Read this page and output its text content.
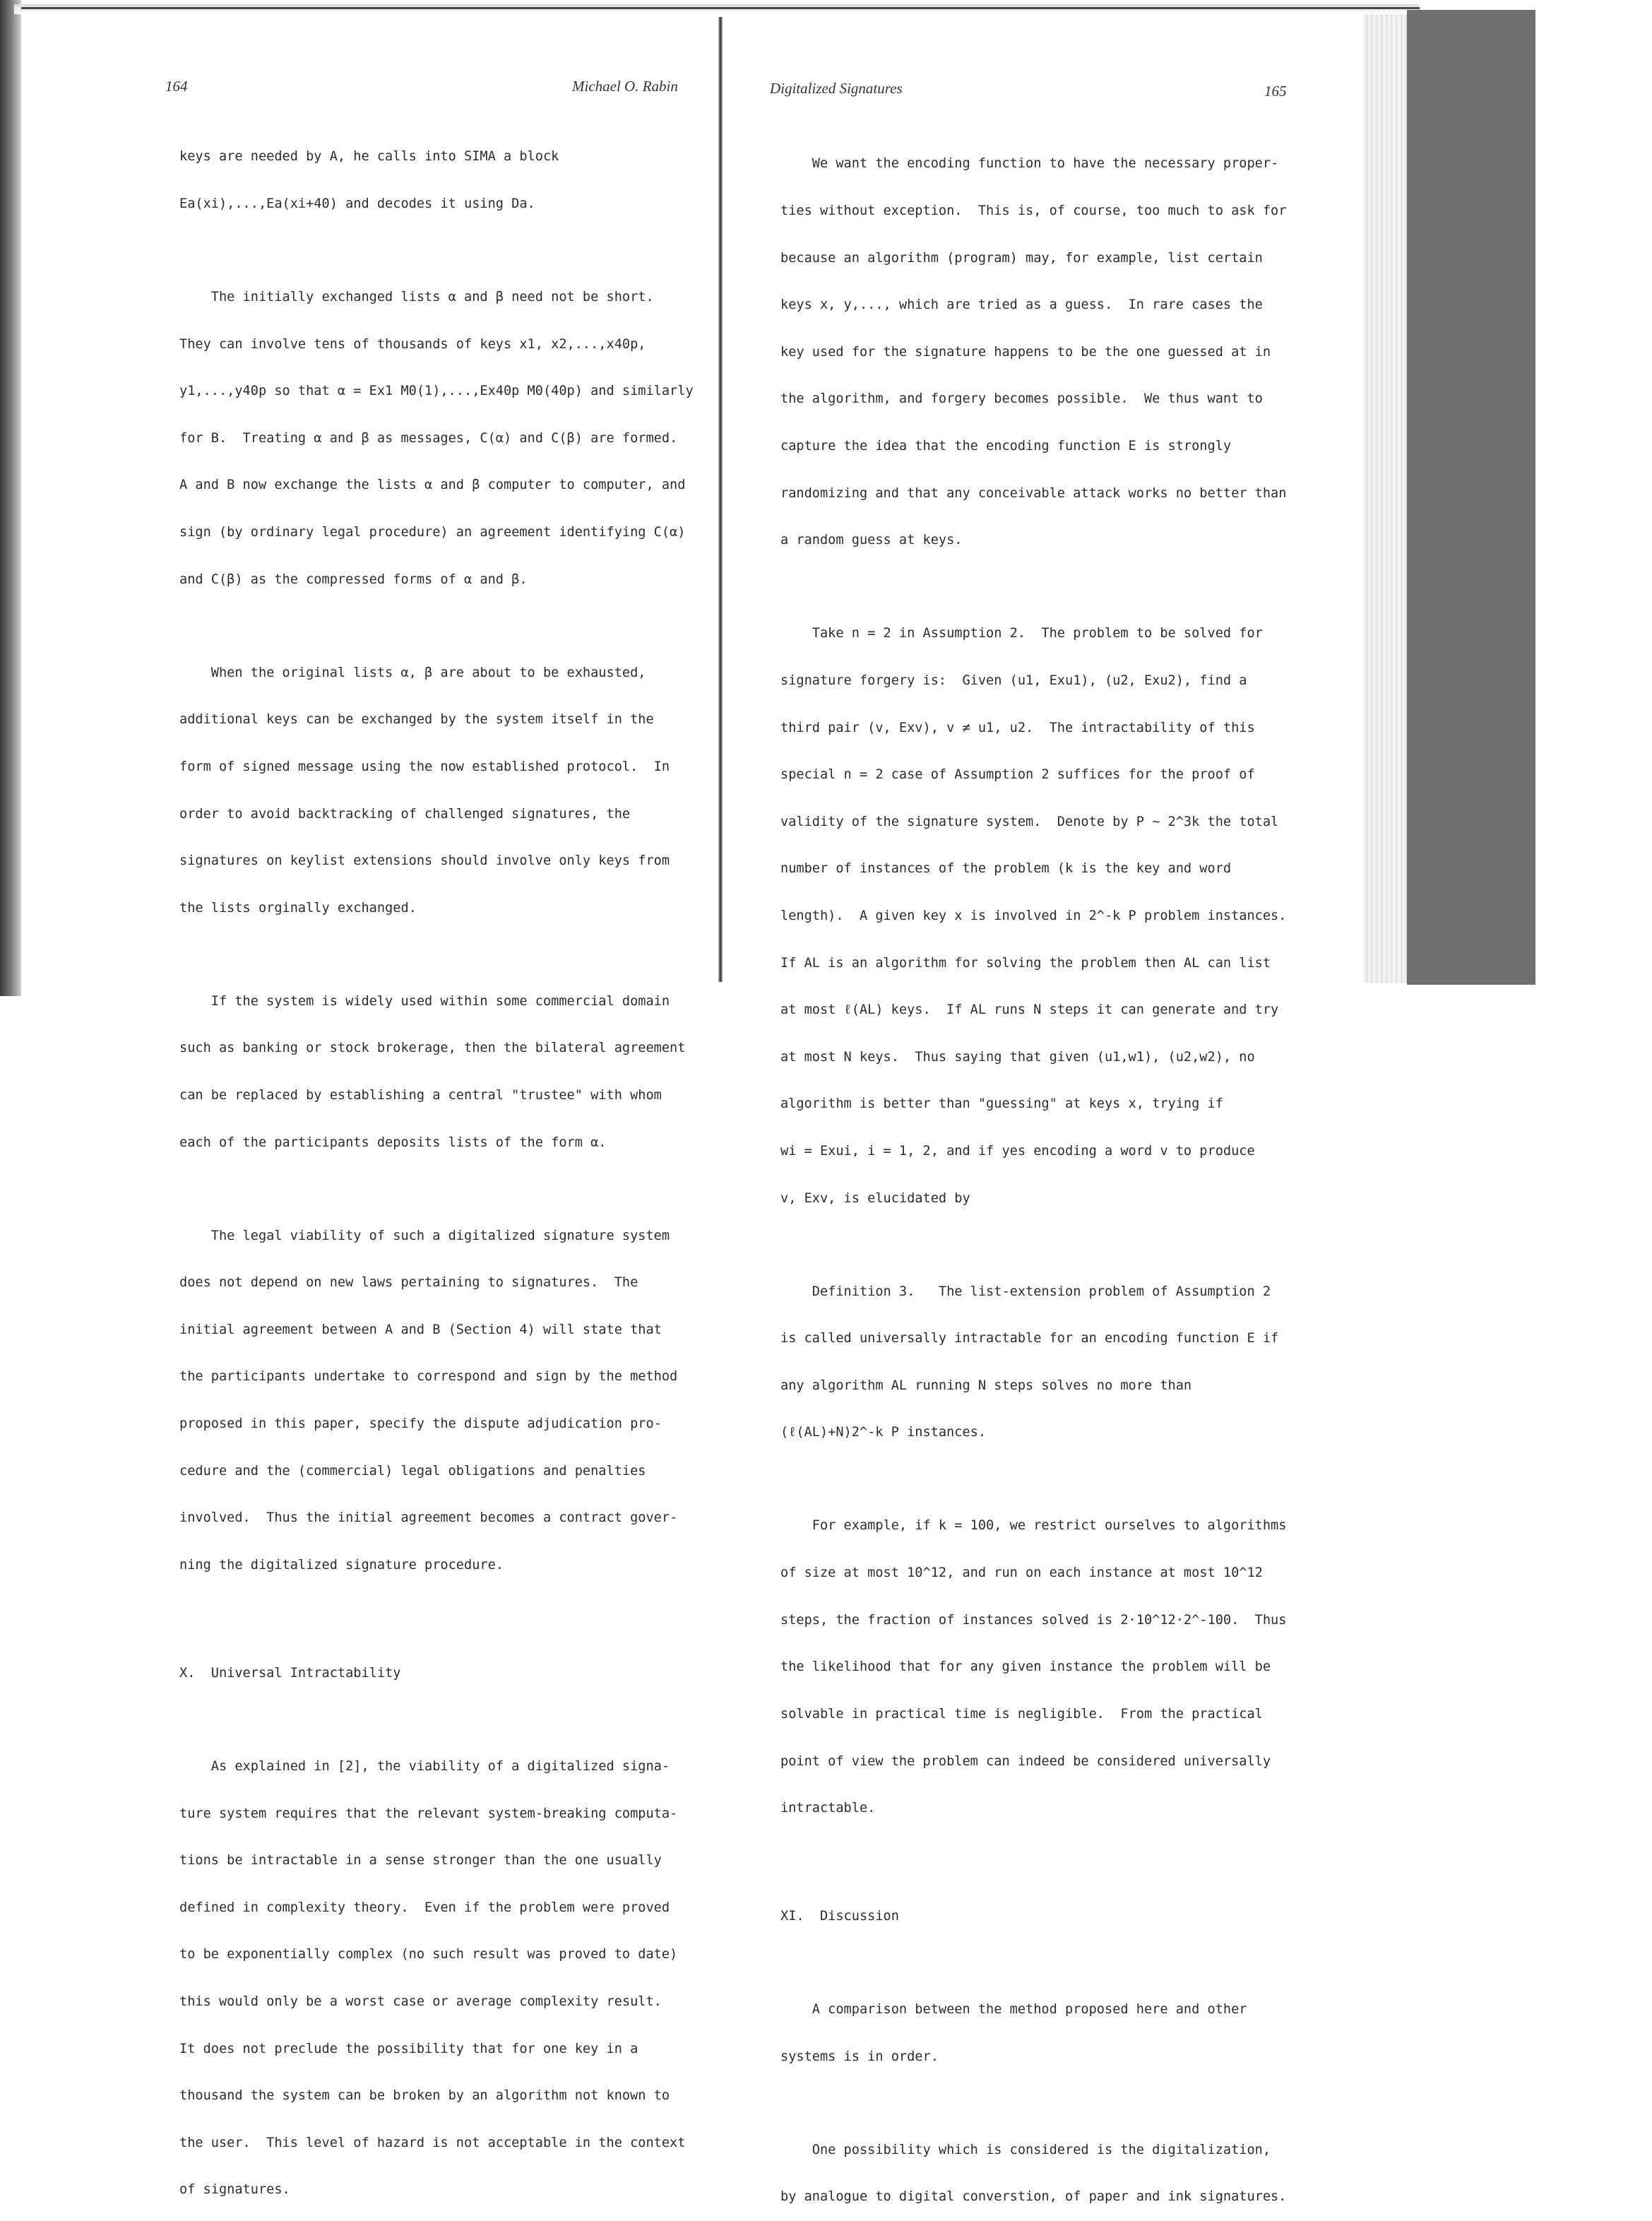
164	Michael O. Rabin

keys are needed by A, he calls into SIMA a block

Ea(xi),...,Ea(xi+40) and decodes it using Da.

The initially exchanged lists α and β need not be short.

They can involve tens of thousands of keys x1, x2,...,x40p,

y1,...,y40p so that α = Ex1 M0(1),...,Ex40p M0(40p) and similarly

for B.  Treating α and β as messages, C(α) and C(β) are formed.

A and B now exchange the lists α and β computer to computer, and

sign (by ordinary legal procedure) an agreement identifying C(α)

and C(β) as the compressed forms of α and β.

When the original lists α, β are about to be exhausted,

additional keys can be exchanged by the system itself in the

form of signed message using the now established protocol.  In

order to avoid backtracking of challenged signatures, the

signatures on keylist extensions should involve only keys from

the lists orginally exchanged.

If the system is widely used within some commercial domain

such as banking or stock brokerage, then the bilateral agreement

can be replaced by establishing a central "trustee" with whom

each of the participants deposits lists of the form α.

The legal viability of such a digitalized signature system

does not depend on new laws pertaining to signatures.  The

initial agreement between A and B (Section 4) will state that

the participants undertake to correspond and sign by the method

proposed in this paper, specify the dispute adjudication pro-

cedure and the (commercial) legal obligations and penalties

involved.  Thus the initial agreement becomes a contract gover-

ning the digitalized signature procedure.

X.  Universal Intractability

As explained in [2], the viability of a digitalized signa-

ture system requires that the relevant system-breaking computa-

tions be intractable in a sense stronger than the one usually

defined in complexity theory.  Even if the problem were proved

to be exponentially complex (no such result was proved to date)

this would only be a worst case or average complexity result.

It does not preclude the possibility that for one key in a

thousand the system can be broken by an algorithm not known to

the user.  This level of hazard is not acceptable in the context

of signatures.

Digitalized Signatures	165

We want the encoding function to have the necessary proper-

ties without exception.  This is, of course, too much to ask for

because an algorithm (program) may, for example, list certain

keys x, y,..., which are tried as a guess.  In rare cases the

key used for the signature happens to be the one guessed at in

the algorithm, and forgery becomes possible.  We thus want to

capture the idea that the encoding function E is strongly

randomizing and that any conceivable attack works no better than

a random guess at keys.

Take n = 2 in Assumption 2.  The problem to be solved for

signature forgery is:  Given (u1, Exu1), (u2, Exu2), find a

third pair (v, Exv), v ≠ u1, u2.  The intractability of this

special n = 2 case of Assumption 2 suffices for the proof of

validity of the signature system.  Denote by P ∼ 2^3k the total

number of instances of the problem (k is the key and word

length).  A given key x is involved in 2^-k P problem instances.

If AL is an algorithm for solving the problem then AL can list

at most ℓ(AL) keys.  If AL runs N steps it can generate and try

at most N keys.  Thus saying that given (u1,w1), (u2,w2), no

algorithm is better than "guessing" at keys x, trying if

wi = Exui, i = 1, 2, and if yes encoding a word v to produce

v, Exv, is elucidated by

Definition 3.   The list-extension problem of Assumption 2

is called universally intractable for an encoding function E if

any algorithm AL running N steps solves no more than

(ℓ(AL)+N)2^-k P instances.

For example, if k = 100, we restrict ourselves to algorithms

of size at most 10^12, and run on each instance at most 10^12

steps, the fraction of instances solved is 2·10^12·2^-100.  Thus

the likelihood that for any given instance the problem will be

solvable in practical time is negligible.  From the practical

point of view the problem can indeed be considered universally

intractable.

XI.  Discussion

A comparison between the method proposed here and other

systems is in order.

One possibility which is considered is the digitalization,

by analogue to digital converstion, of paper and ink signatures.
